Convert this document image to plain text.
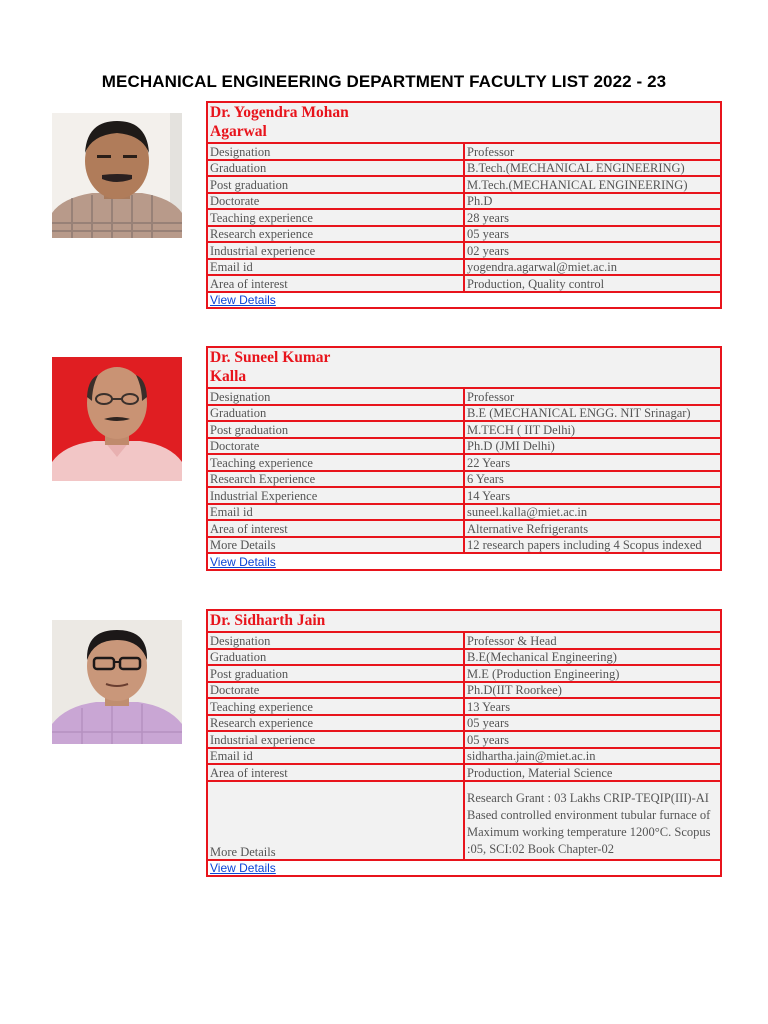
MECHANICAL ENGINEERING DEPARTMENT FACULTY LIST 2022 - 23
Dr. Yogendra Mohan
Agarwal	
Designation	Professor
Graduation	B.Tech.(MECHANICAL ENGINEERING)
Post graduation	M.Tech.(MECHANICAL ENGINEERING)
Doctorate	Ph.D
Teaching experience	28 years
Research experience	05 years
Industrial experience	02 years
Email id	yogendra.agarwal@miet.ac.in
Area of interest	Production, Quality control
View Details	
Dr. Suneel Kumar
Kalla	
Designation	Professor
Graduation	B.E (MECHANICAL ENGG. NIT Srinagar)
Post graduation	M.TECH ( IIT Delhi)
Doctorate	Ph.D (JMI Delhi)
Teaching experience	22 Years
Research Experience	6 Years
Industrial Experience	14 Years
Email id	suneel.kalla@miet.ac.in
Area of interest	Alternative Refrigerants
More Details	12 research papers including 4 Scopus indexed
View Details	
Dr. Sidharth Jain	
Designation	Professor & Head
Graduation	B.E(Mechanical Engineering)
Post graduation	M.E (Production Engineering)
Doctorate	Ph.D(IIT Roorkee)
Teaching experience	13 Years
Research experience	05 years
Industrial experience	05 years
Email id	sidhartha.jain@miet.ac.in
Area of interest	Production, Material Science
More Details	Research Grant : 03 Lakhs CRIP-TEQIP(III)-AI Based controlled environment tubular furnace of Maximum working temperature 1200°C. Scopus :05, SCI:02 Book Chapter-02
View Details	
